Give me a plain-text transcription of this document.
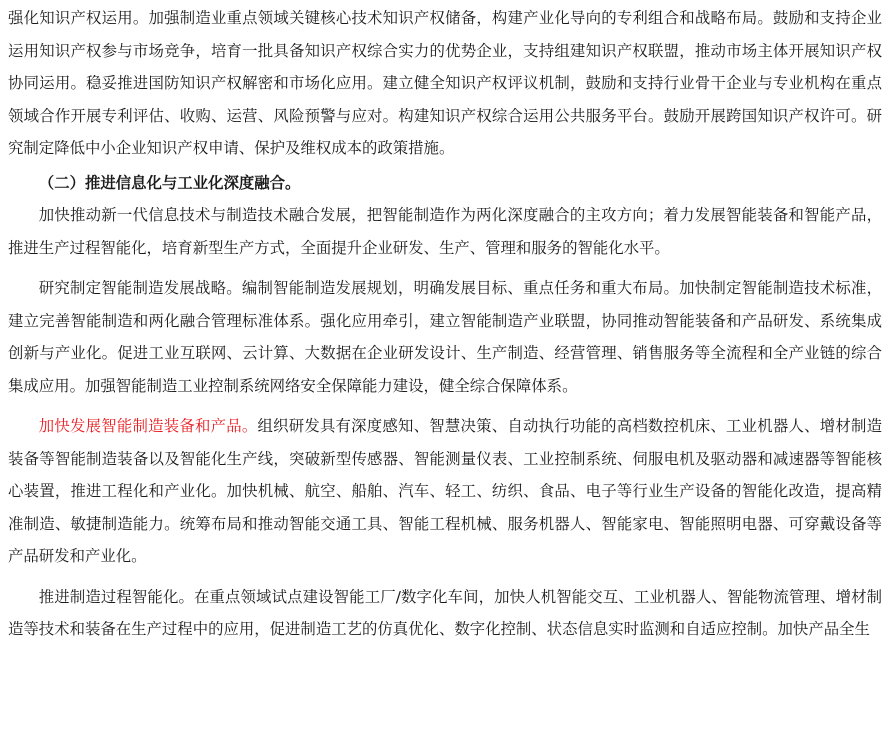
强化知识产权运用。加强制造业重点领域关键核心技术知识产权储备，构建产业化导向的专利组合和战略布局。鼓励和支持企业运用知识产权参与市场竞争，培育一批具备知识产权综合实力的优势企业，支持组建知识产权联盟，推动市场主体开展知识产权协同运用。稳妥推进国防知识产权解密和市场化应用。建立健全知识产权评议机制，鼓励和支持行业骨干企业与专业机构在重点领域合作开展专利评估、收购、运营、风险预警与应对。构建知识产权综合运用公共服务平台。鼓励开展跨国知识产权许可。研究制定降低中小企业知识产权申请、保护及维权成本的政策措施。

（二）推进信息化与工业化深度融合。

加快推动新一代信息技术与制造技术融合发展，把智能制造作为两化深度融合的主攻方向；着力发展智能装备和智能产品，推进生产过程智能化，培育新型生产方式，全面提升企业研发、生产、管理和服务的智能化水平。

研究制定智能制造发展战略。编制智能制造发展规划，明确发展目标、重点任务和重大布局。加快制定智能制造技术标准，建立完善智能制造和两化融合管理标准体系。强化应用牵引，建立智能制造产业联盟，协同推动智能装备和产品研发、系统集成创新与产业化。促进工业互联网、云计算、大数据在企业研发设计、生产制造、经营管理、销售服务等全流程和全产业链的综合集成应用。加强智能制造工业控制系统网络安全保障能力建设，健全综合保障体系。

加快发展智能制造装备和产品。组织研发具有深度感知、智慧决策、自动执行功能的高档数控机床、工业机器人、增材制造装备等智能制造装备以及智能化生产线，突破新型传感器、智能测量仪表、工业控制系统、伺服电机及驱动器和减速器等智能核心装置，推进工程化和产业化。加快机械、航空、船舶、汽车、轻工、纺织、食品、电子等行业生产设备的智能化改造，提高精准制造、敏捷制造能力。统筹布局和推动智能交通工具、智能工程机械、服务机器人、智能家电、智能照明电器、可穿戴设备等产品研发和产业化。

推进制造过程智能化。在重点领域试点建设智能工厂/数字化车间，加快人机智能交互、工业机器人、智能物流管理、增材制造等技术和装备在生产过程中的应用，促进制造工艺的仿真优化、数字化控制、状态信息实时监测和自适应控制。加快产品全生
